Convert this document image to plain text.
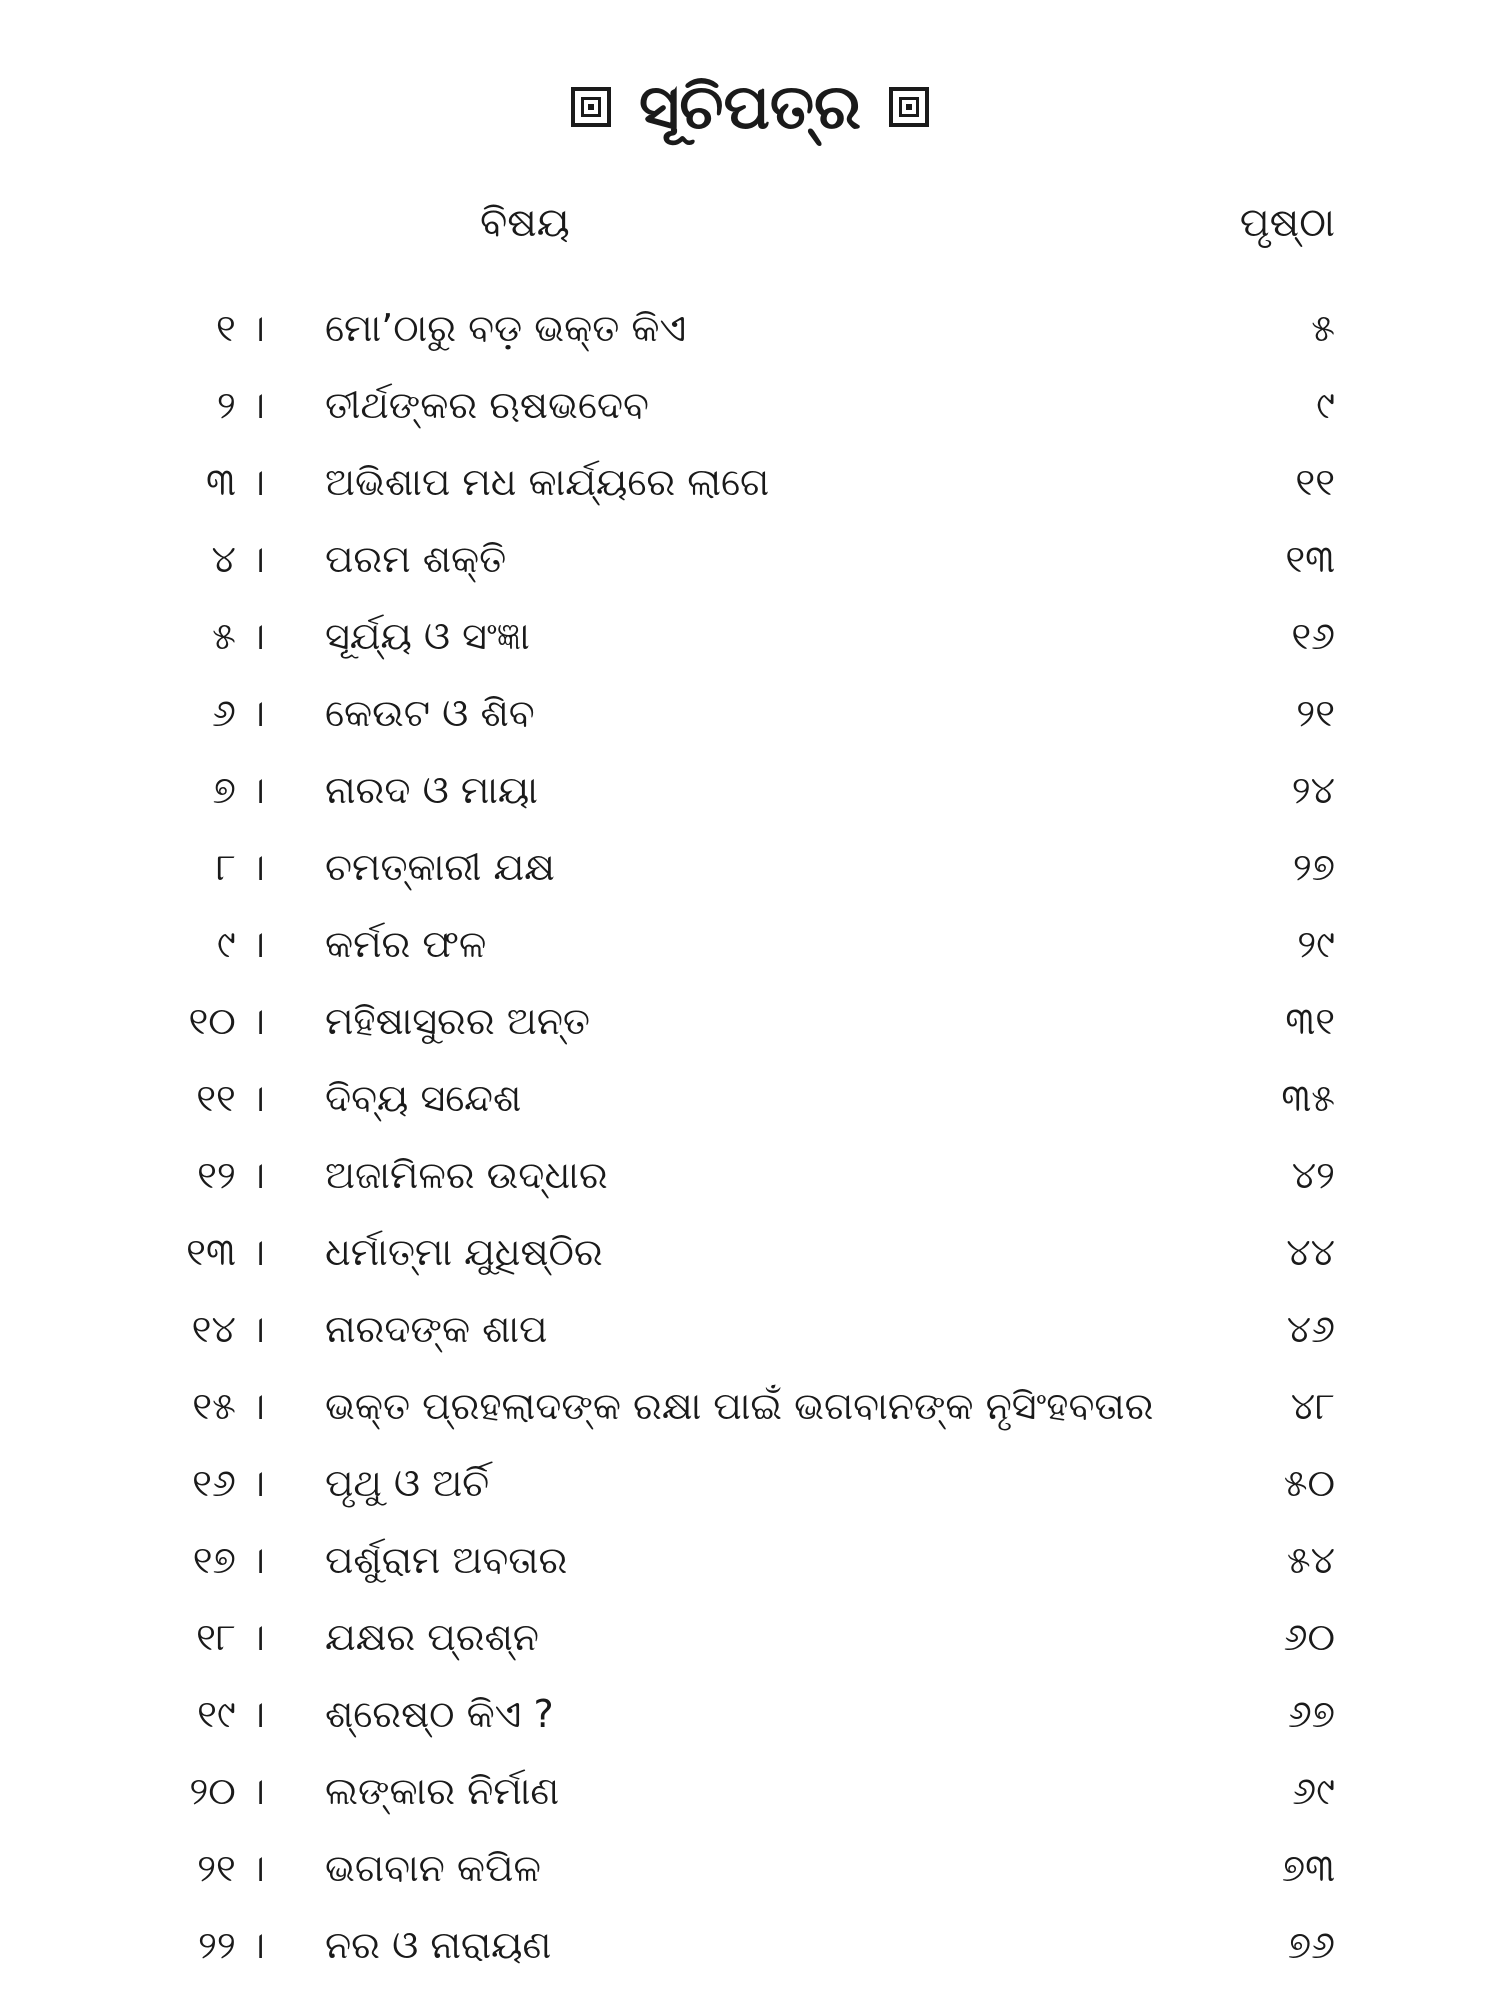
ସୂଚିପତ୍ର
ବିଷୟ	ପୃଷ୍ଠା
୧ । ମୋ’ଠାରୁ ବଡ଼ ଭକ୍ତ କିଏ	୫
୨ । ତୀର୍ଥଙ୍କର ଋଷଭଦେବ	୯
୩ । ଅଭିଶାପ ମଧ କାର୍ଯ୍ୟରେ ଲାଗେ	୧୧
୪ । ପରମ ଶକ୍ତି	୧୩
୫ । ସୂର୍ଯ୍ୟ ଓ ସଂଜ୍ଞା	୧୬
୬ । କେଉଟ ଓ ଶିବ	୨୧
୭ । ନାରଦ ଓ ମାୟା	୨୪
୮ । ଚମତ୍କାରୀ ଯକ୍ଷ	୨୭
୯ । କର୍ମର ଫଳ	୨୯
୧୦ । ମହିଷାସୁରର ଅନ୍ତ	୩୧
୧୧ । ଦିବ୍ୟ ସନ୍ଦେଶ	୩୫
୧୨ । ଅଜାମିଳର ଉଦ୍ଧାର	୪୨
୧୩ । ଧର୍ମାତ୍ମା ଯୁଧିଷ୍ଠିର	୪୪
୧୪ । ନାରଦଙ୍କ ଶାପ	୪୬
୧୫ । ଭକ୍ତ ପ୍ରହଲାଦଙ୍କ ରକ୍ଷା ପାଇଁ ଭଗବାନଙ୍କ ନୃସିଂହବତାର	୪୮
୧୬ । ପୃଥୁ ଓ ଅର୍ଚି	୫୦
୧୭ । ପର୍ଶୁରାମ ଅବତାର	୫୪
୧୮ । ଯକ୍ଷର ପ୍ରଶ୍ନ	୬୦
୧୯ । ଶ୍ରେଷ୍ଠ କିଏ ?	୬୭
୨୦ । ଲଙ୍କାର ନିର୍ମାଣ	୬୯
୨୧ । ଭଗବାନ କପିଳ	୭୩
୨୨ । ନର ଓ ନାରାୟଣ	୭୬
